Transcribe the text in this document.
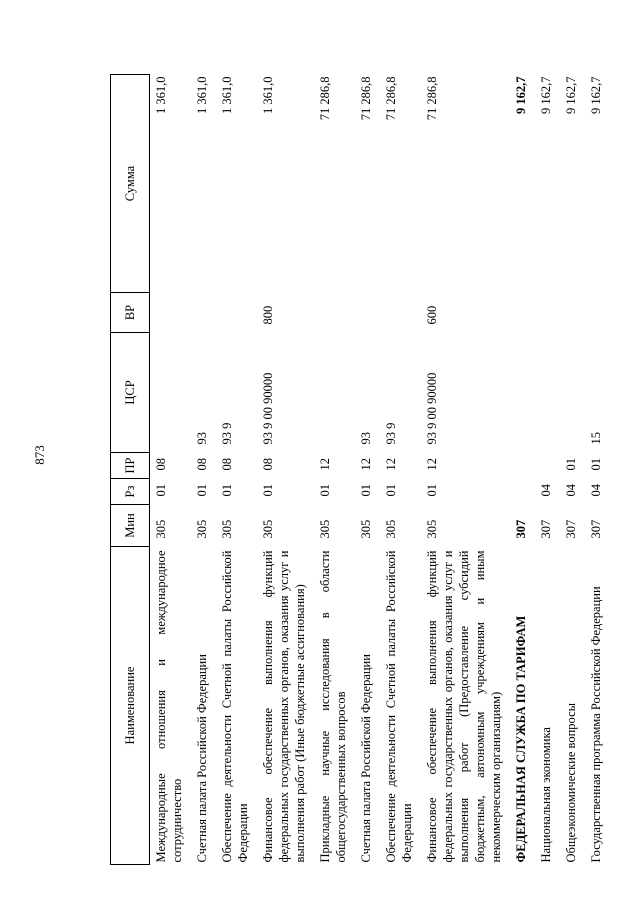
873
Наименование	Мин	Рз	ПР	ЦСР	ВР	Сумма
Международные отношения и международное сотрудничество	305	01	08			1 361,0
Счетная палата Российской Федерации	305	01	08	93		1 361,0
Обеспечение деятельности Счетной палаты Российской Федерации	305	01	08	93 9		1 361,0
Финансовое обеспечение выполнения функций федеральных государственных органов, оказания услуг и выполнения работ (Иные бюджетные ассигнования)	305	01	08	93 9 00 90000	800	1 361,0
Прикладные научные исследования в области общегосударственных вопросов	305	01	12			71 286,8
Счетная палата Российской Федерации	305	01	12	93		71 286,8
Обеспечение деятельности Счетной палаты Российской Федерации	305	01	12	93 9		71 286,8
Финансовое обеспечение выполнения функций федеральных государственных органов, оказания услуг и выполнения работ (Предоставление субсидий бюджетным, автономным учреждениям и иным некоммерческим организациям)	305	01	12	93 9 00 90000	600	71 286,8
ФЕДЕРАЛЬНАЯ СЛУЖБА ПО ТАРИФАМ	307					9 162,7
Национальная экономика	307	04				9 162,7
Общеэкономические вопросы	307	04	01			9 162,7
Государственная программа Российской Федерации	307	04	01	15		9 162,7
